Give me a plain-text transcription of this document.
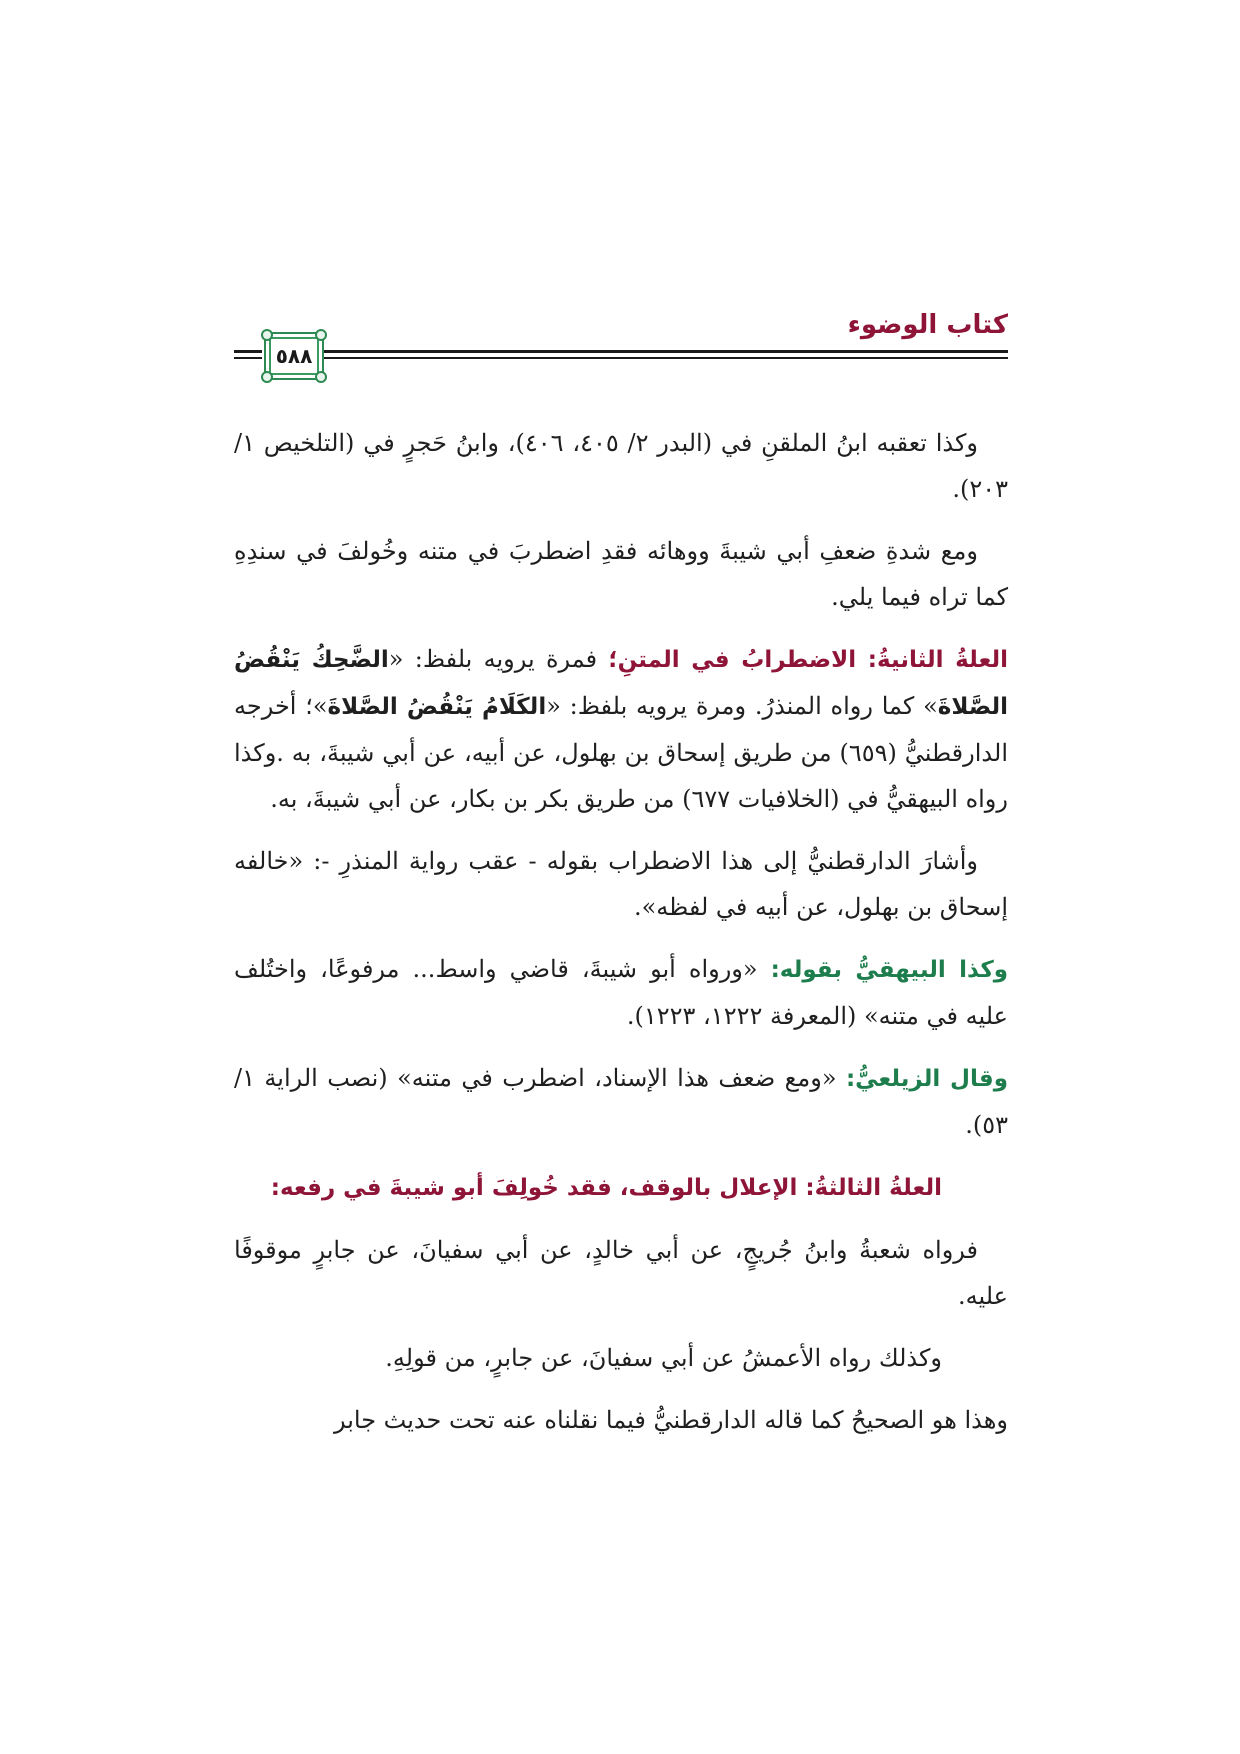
كتاب الوضوء
٥٨٨

وكذا تعقبه ابنُ الملقنِ في (البدر ٢/ ٤٠٥، ٤٠٦)، وابنُ حَجرٍ في (التلخيص ١/ ٢٠٣).

ومع شدةِ ضعفِ أبي شيبةَ ووهائه فقدِ اضطربَ في متنه وخُولفَ في سندِهِ كما تراه فيما يلي.

العلةُ الثانيةُ: الاضطرابُ في المتنِ؛ فمرة يرويه بلفظ: «الضَّحِكُ يَنْقُضُ الصَّلاةَ» كما رواه المنذرُ. ومرة يرويه بلفظ: «الكَلَامُ يَنْقُضُ الصَّلاةَ»؛ أخرجه الدارقطنيُّ (٦٥٩) من طريق إسحاق بن بهلول، عن أبيه، عن أبي شيبةَ، به .وكذا رواه البيهقيُّ في (الخلافيات ٦٧٧) من طريق بكر بن بكار، عن أبي شيبةَ، به.

وأشارَ الدارقطنيُّ إلى هذا الاضطراب بقوله - عقب رواية المنذرِ -: «خالفه إسحاق بن بهلول، عن أبيه في لفظه».

وكذا البيهقيُّ بقوله: «ورواه أبو شيبةَ، قاضي واسط... مرفوعًا، واختُلف عليه في متنه» (المعرفة ١٢٢٢، ١٢٢٣).

وقال الزيلعيُّ: «ومع ضعف هذا الإسناد، اضطرب في متنه» (نصب الراية ١/ ٥٣).

العلةُ الثالثةُ: الإعلال بالوقف، فقد خُولِفَ أبو شيبةَ في رفعه:

فرواه شعبةُ وابنُ جُريجٍ، عن أبي خالدٍ، عن أبي سفيانَ، عن جابرٍ موقوفًا عليه.

وكذلك رواه الأعمشُ عن أبي سفيانَ، عن جابرٍ، من قولِهِ.

وهذا هو الصحيحُ كما قاله الدارقطنيُّ فيما نقلناه عنه تحت حديث جابر
